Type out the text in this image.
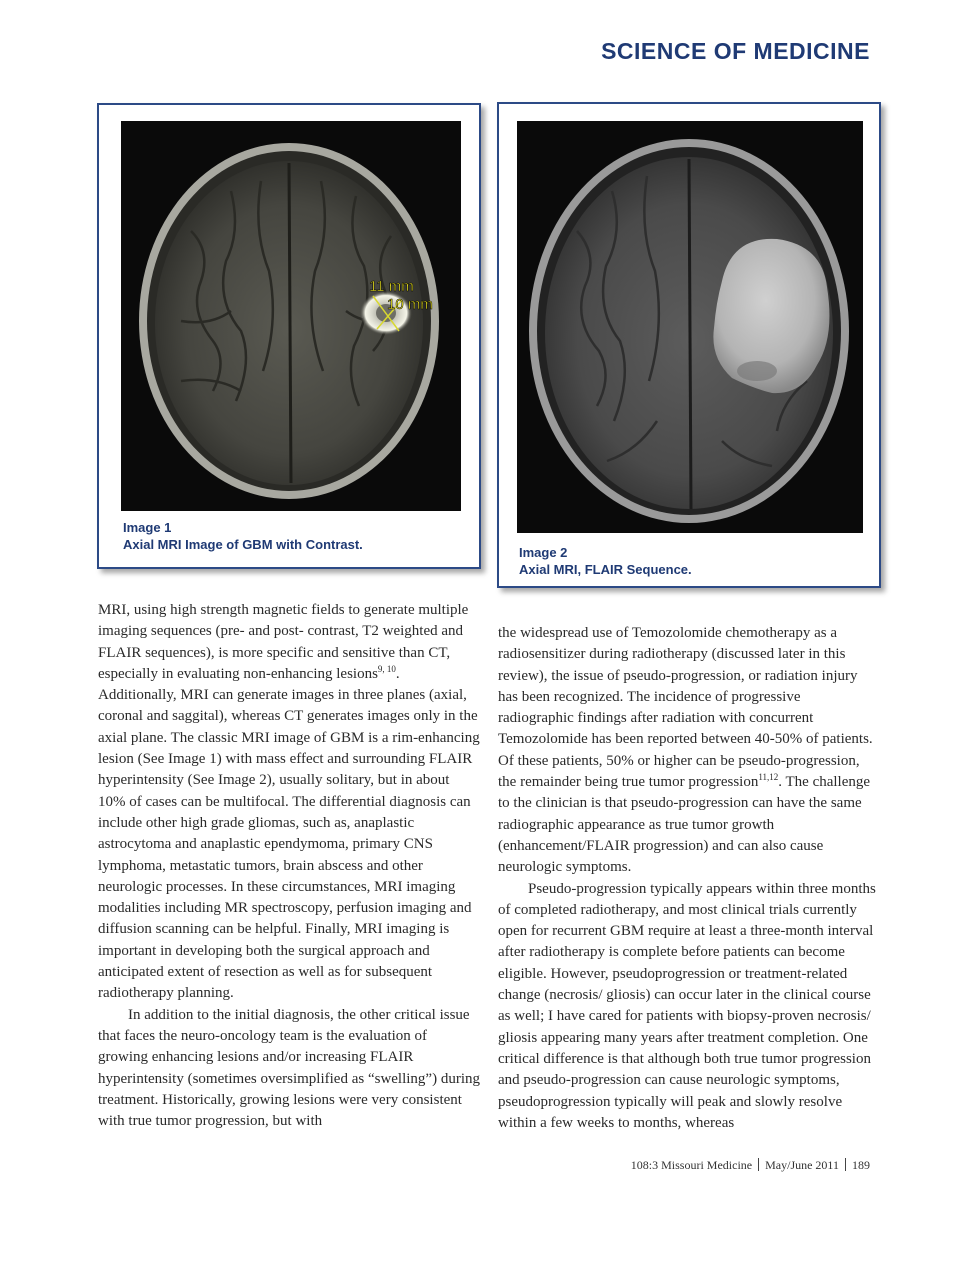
SCIENCE OF MEDICINE
11 mm
10 mm
Image 1
Axial MRI Image of GBM with Contrast.
Image 2
Axial MRI, FLAIR Sequence.

MRI, using high strength magnetic fields to generate multiple imaging sequences (pre- and post- contrast, T2 weighted and FLAIR sequences), is more specific and sensitive than CT, especially in evaluating non-enhancing lesions$^{9, 10}$. Additionally, MRI can generate images in three planes (axial, coronal and saggital), whereas CT generates images only in the axial plane. The classic MRI image of GBM is a rim-enhancing lesion (See Image 1) with mass effect and surrounding FLAIR hyperintensity (See Image 2), usually solitary, but in about 10% of cases can be multifocal. The differential diagnosis can include other high grade gliomas, such as, anaplastic astrocytoma and anaplastic ependymoma, primary CNS lymphoma, metastatic tumors, brain abscess and other neurologic processes. In these circumstances, MRI imaging modalities including MR spectroscopy, perfusion imaging and diffusion scanning can be helpful. Finally, MRI imaging is important in developing both the surgical approach and anticipated extent of resection as well as for subsequent radiotherapy planning.

In addition to the initial diagnosis, the other critical issue that faces the neuro-oncology team is the evaluation of growing enhancing lesions and/or increasing FLAIR hyperintensity (sometimes oversimplified as “swelling”) during treatment. Historically, growing lesions were very consistent with true tumor progression, but with

the widespread use of Temozolomide chemotherapy as a radiosensitizer during radiotherapy (discussed later in this review), the issue of pseudo-progression, or radiation injury has been recognized. The incidence of progressive radiographic findings after radiation with concurrent Temozolomide has been reported between 40-50% of patients. Of these patients, 50% or higher can be pseudo-progression, the remainder being true tumor progression$^{11,12}$. The challenge to the clinician is that pseudo-progression can have the same radiographic appearance as true tumor growth (enhancement/FLAIR progression) and can also cause neurologic symptoms.

Pseudo-progression typically appears within three months of completed radiotherapy, and most clinical trials currently open for recurrent GBM require at least a three-month interval after radiotherapy is complete before patients can become eligible. However, pseudoprogression or treatment-related change (necrosis/ gliosis) can occur later in the clinical course as well; I have cared for patients with biopsy-proven necrosis/ gliosis appearing many years after treatment completion. One critical difference is that although both true tumor progression and pseudo-progression can cause neurologic symptoms, pseudoprogression typically will peak and slowly resolve within a few weeks to months, whereas

108:3 Missouri Medicine May/June 2011 189
